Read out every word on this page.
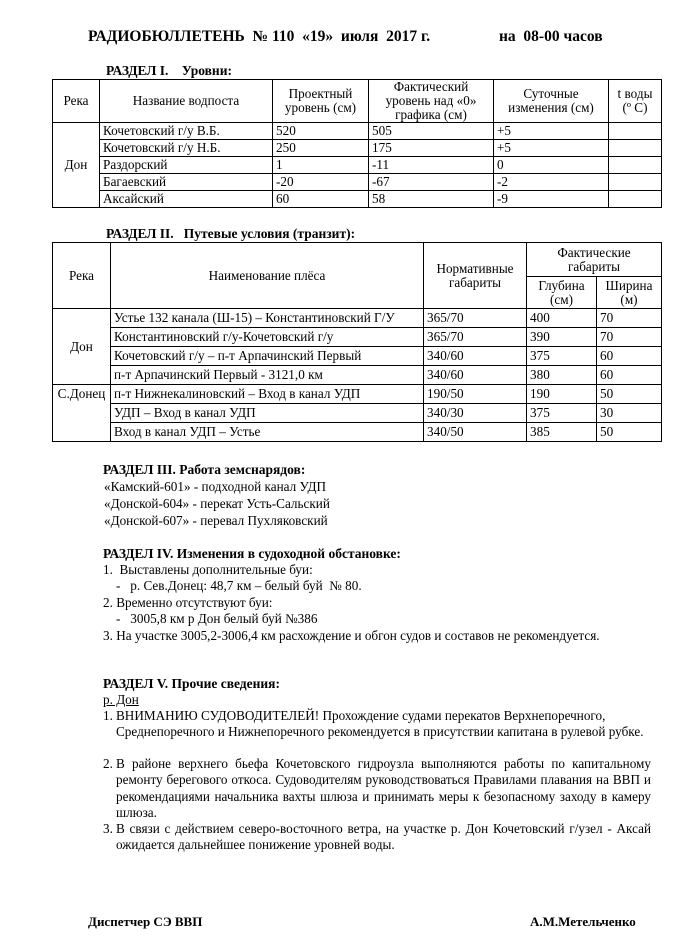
РАДИОБЮЛЛЕТЕНЬ  № 110  «19»  июля  2017 г.	на  08-00 часов
РАЗДЕЛ I.    Уровни:
Река	Название водпоста	Проектный уровень (см)	Фактический уровень над «0» графика (см)	Суточные изменения (см)	t воды (º С)
Дон	Кочетовский г/у В.Б.	520	505	+5	
	Кочетовский г/у Н.Б.	250	175	+5	
	Раздорский	1	-11	0	
	Багаевский	-20	-67	-2	
	Аксайский	60	58	-9	
РАЗДЕЛ II.   Путевые условия (транзит):
Река	Наименование плёса	Нормативные габариты	Фактические габариты	
			Глубина (см)	Ширина (м)
Дон	Устье 132 канала (Ш-15) – Константиновский Г/У	365/70	400	70
	Константиновский г/у-Кочетовский г/у	365/70	390	70
	Кочетовский г/у – п-т Арпачинский Первый	340/60	375	60
	п-т Арпачинский Первый - 3121,0 км	340/60	380	60
С.Донец	п-т Нижнекалиновский – Вход в канал УДП	190/50	190	50
	УДП – Вход в канал УДП	340/30	375	30
	Вход в канал УДП – Устье	340/50	385	50
РАЗДЕЛ III. Работа земснарядов:
«Камский-601» - подходной канал УДП
«Донской-604» - перекат Усть-Сальский
«Донской-607» - перевал Пухляковский
РАЗДЕЛ IV. Изменения в судоходной обстановке:
1.  Выставлены дополнительные буи:
-   р. Сев.Донец: 48,7 км – белый буй  № 80.
2. Временно отсутствуют буи:
-   3005,8 км р Дон белый буй №386
3. На участке 3005,2-3006,4 км расхождение и обгон судов и составов не рекомендуется.
РАЗДЕЛ V. Прочие сведения:
р. Дон
1. ВНИМАНИЮ СУДОВОДИТЕЛЕЙ! Прохождение судами перекатов Верхнепоречного, Среднепоречного и Нижнепоречного рекомендуется в присутствии капитана в рулевой рубке.
2. В районе верхнего бьефа Кочетовского гидроузла выполняются работы по капитальному ремонту берегового откоса. Судоводителям руководствоваться Правилами плавания на ВВП и рекомендациями начальника вахты шлюза и принимать меры к безопасному заходу в камеру шлюза.
3. В связи с действием северо-восточного ветра, на участке р. Дон Кочетовский г/узел - Аксай ожидается дальнейшее понижение уровней воды.
Диспетчер СЭ ВВП	А.М.Метельченко
